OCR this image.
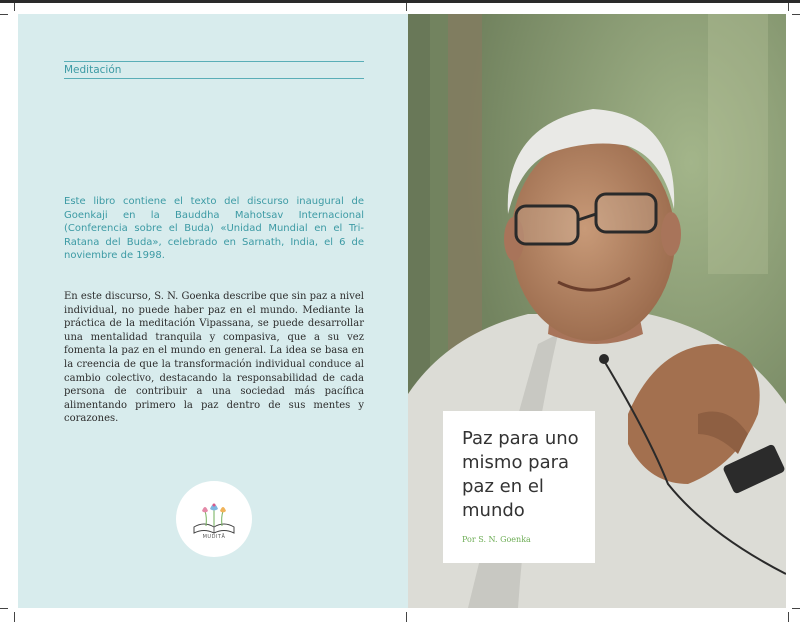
Meditación

Este libro contiene el texto del discurso inaugural de Goenkaji en la Bauddha Mahotsav Internacional (Conferencia sobre el Buda) «Unidad Mundial en el Tri-Ratana del Buda», celebrado en Sarnath, India, el 6 de noviembre de 1998.

En este discurso, S. N. Goenka describe que sin paz a nivel individual, no puede haber paz en el mundo. Mediante la práctica de la meditación Vipassana, se puede desarrollar una mentalidad tranquila y compasiva, que a su vez fomenta la paz en el mundo en general. La idea se basa en la creencia de que la transformación individual conduce al cambio colectivo, destacando la responsabilidad de cada persona de contribuir a una sociedad más pacífica alimentando primero la paz dentro de sus mentes y corazones.

MUDITĀ
Paz para uno mismo para paz en el mundo
Por S. N. Goenka
